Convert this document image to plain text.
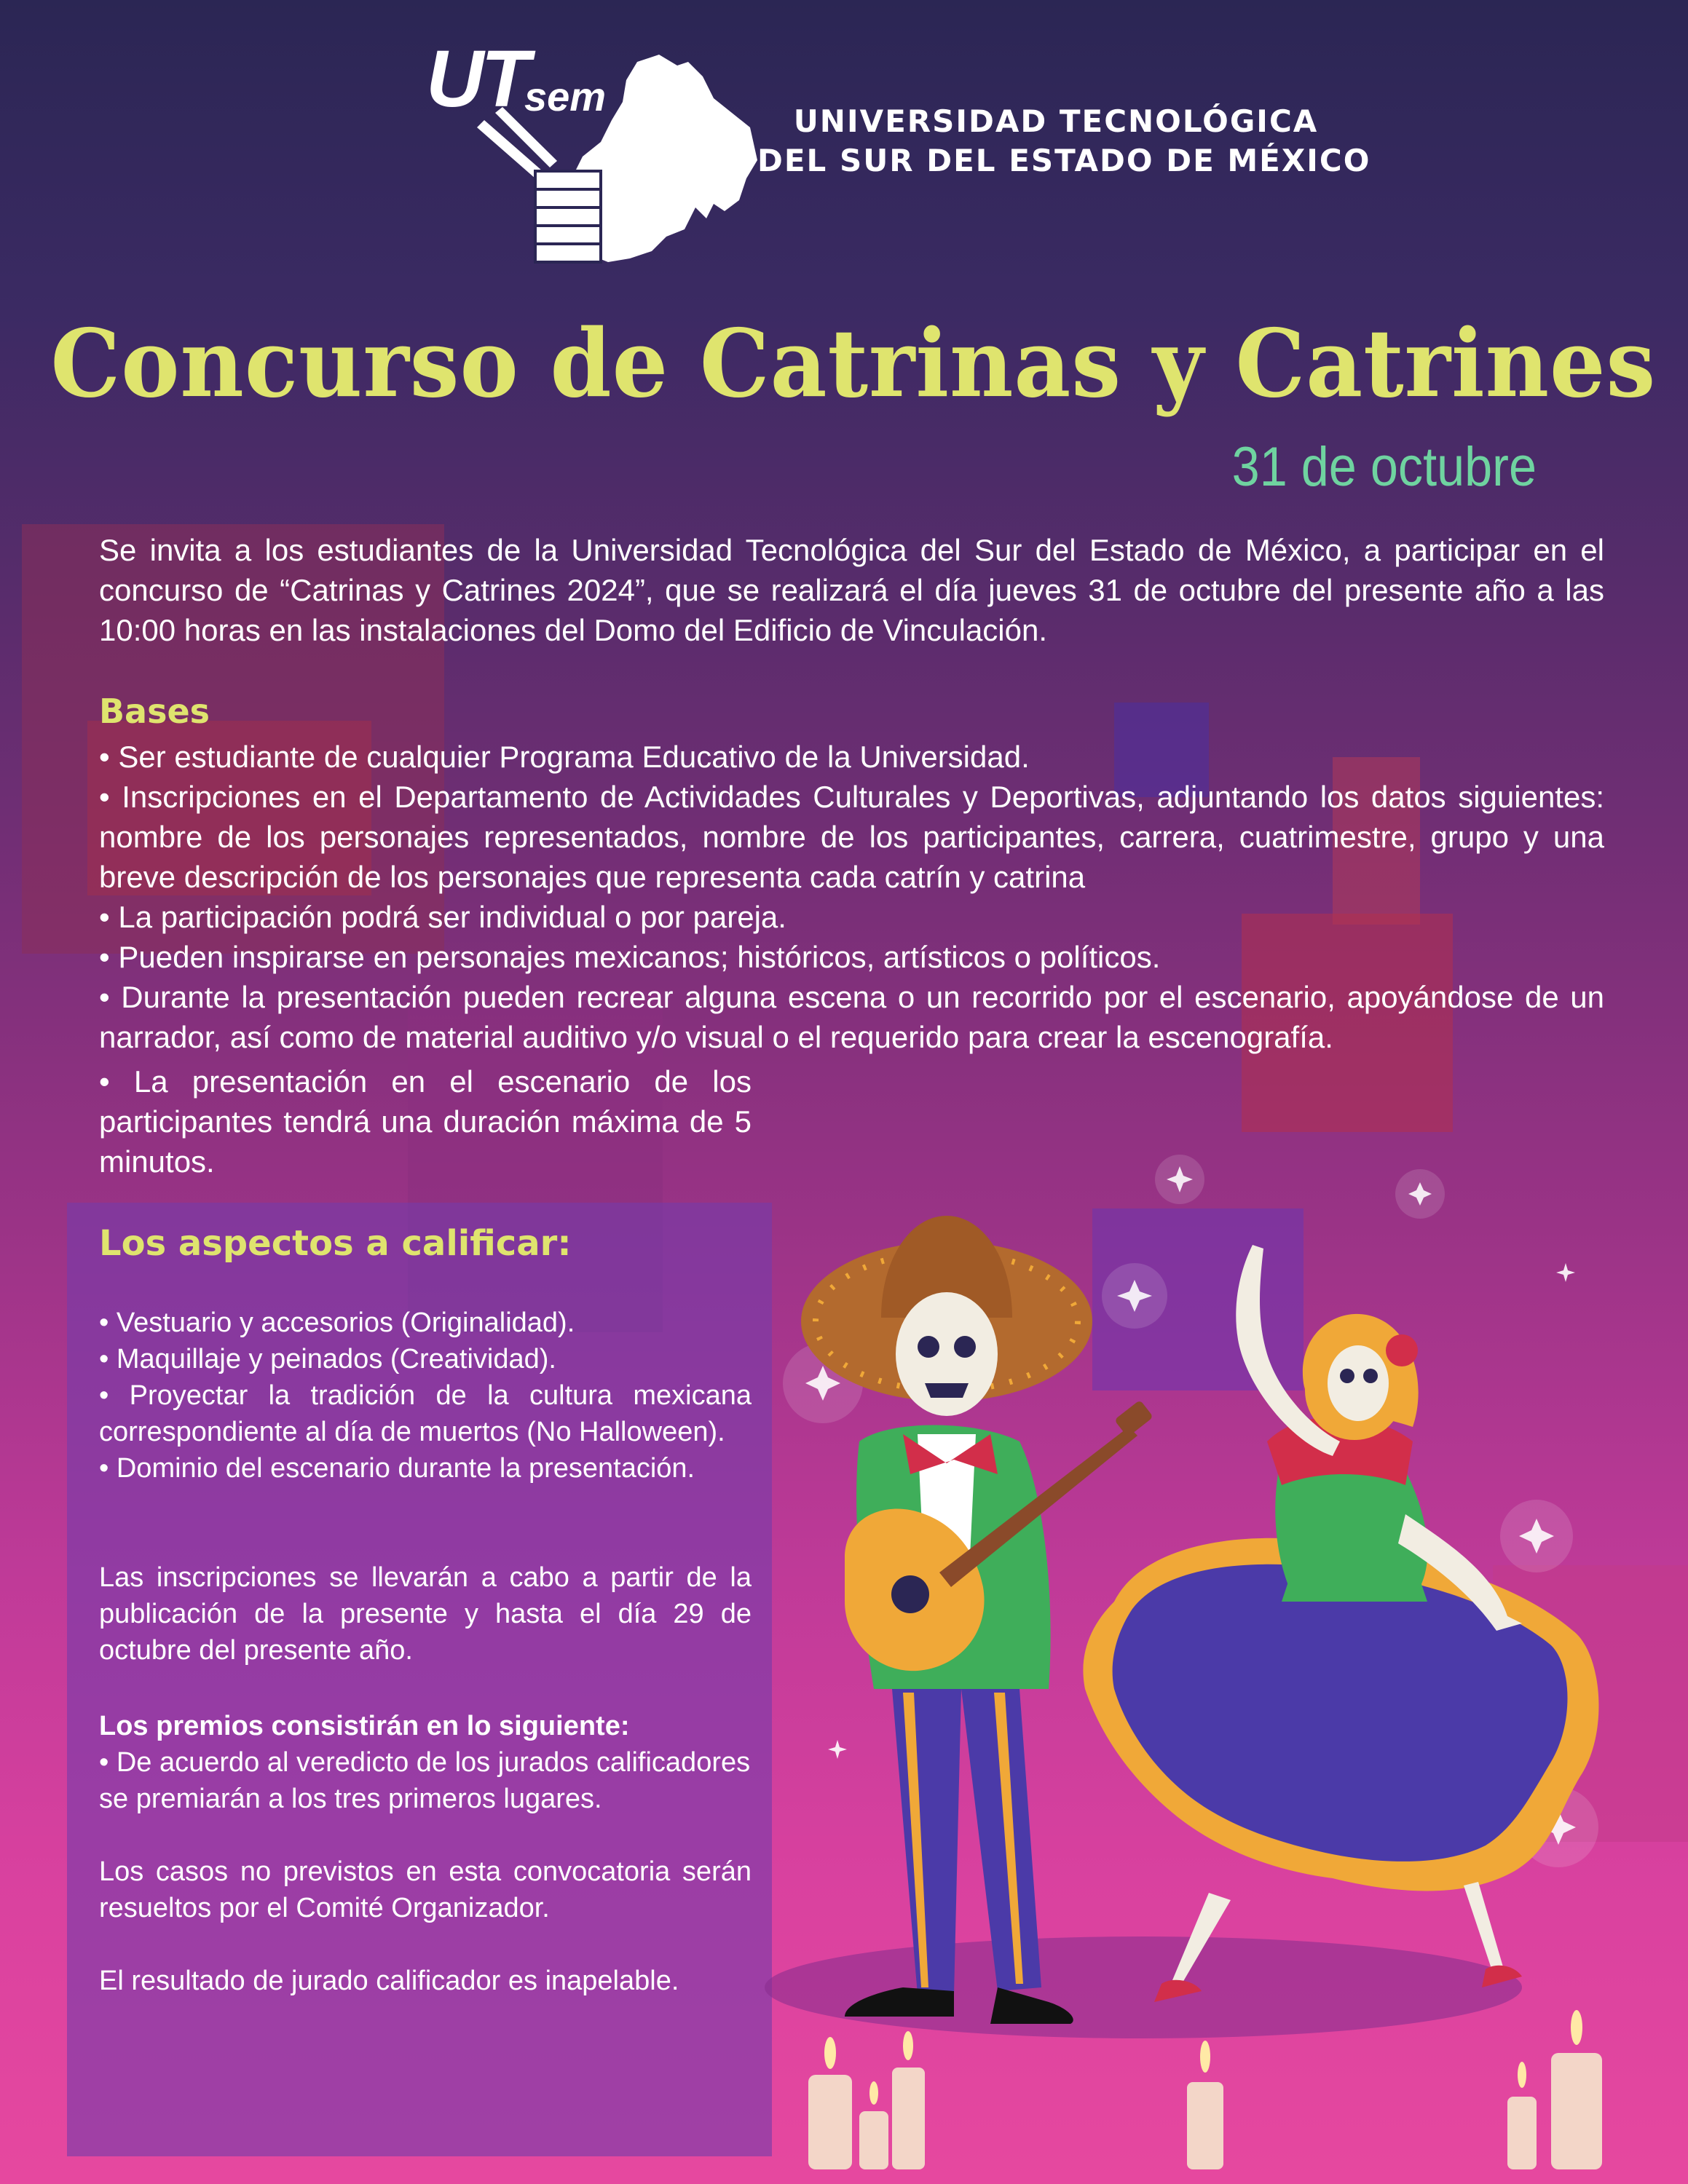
UT
sem
UNIVERSIDAD TECNOLÓGICA
DEL SUR DEL ESTADO DE MÉXICO
Concurso de Catrinas y Catrines
31 de octubre
Se invita a los estudiantes de la Universidad Tecnológica del Sur del Estado de México, a participar en el concurso de “Catrinas y Catrines 2024”, que se realizará el día jueves 31 de octubre del presente año a las 10:00 horas en las instalaciones del Domo del Edificio de Vinculación.
Bases

• Ser estudiante de cualquier Programa Educativo de la Universidad.

• Inscripciones en el Departamento de Actividades Culturales y Deportivas, adjuntando los datos siguientes: nombre de los personajes representados, nombre de los participantes, carrera, cuatrimestre, grupo y una breve descripción de los personajes que representa cada catrín y catrina

• La participación podrá ser individual o por pareja.

• Pueden inspirarse en personajes mexicanos; históricos, artísticos o políticos.

• Durante la presentación pueden recrear alguna escena o un recorrido por el escenario, apoyándose de un narrador, así como de material auditivo y/o visual o el requerido para crear la escenografía.

• La presentación en el escenario de los participantes tendrá una duración máxima de 5 minutos.
Los aspectos a calificar:

• Vestuario y accesorios (Originalidad).

• Maquillaje y peinados (Creatividad).

• Proyectar la tradición de la cultura mexicana correspondiente al día de muertos (No Halloween).

• Dominio del escenario durante la presentación.

Las inscripciones se llevarán a cabo a partir de la publicación de la presente y hasta el día 29 de octubre del presente año.
Los premios consistirán en lo siguiente:
• De acuerdo al veredicto de los jurados calificadores se premiarán a los tres primeros lugares.
Los casos no previstos en esta convocatoria serán resueltos por el Comité Organizador.
El resultado de jurado calificador es inapelable.
